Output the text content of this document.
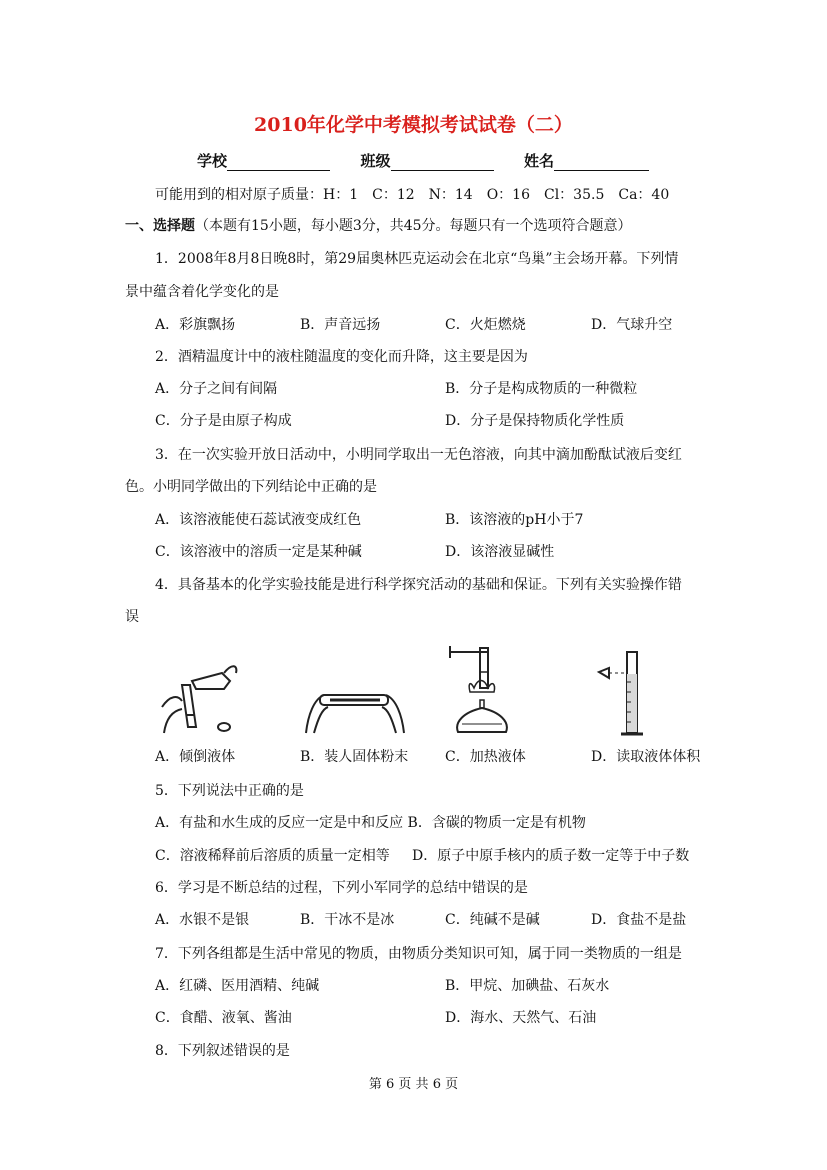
2010年化学中考模拟考试试卷（二）
学校	班级	姓名
可能用到的相对原子质量：H：1　C：12　N：14　O：16　Cl：35.5　Ca：40
一、选择题（本题有15小题，每小题3分，共45分。每题只有一个选项符合题意）
1．2008年8月8日晚8时，第29届奥林匹克运动会在北京“鸟巢”主会场开幕。下列情
景中蕴含着化学变化的是
A．彩旗飘扬	B．声音远扬	C．火炬燃烧	D．气球升空
2．酒精温度计中的液柱随温度的变化而升降，这主要是因为
A．分子之间有间隔	B．分子是构成物质的一种微粒
C．分子是由原子构成	D．分子是保持物质化学性质
3．在一次实验开放日活动中，小明同学取出一无色溶液，向其中滴加酚酞试液后变红
色。小明同学做出的下列结论中正确的是
A．该溶液能使石蕊试液变成红色	B．该溶液的pH小于7
C．该溶液中的溶质一定是某种碱	D．该溶液显碱性
4．具备基本的化学实验技能是进行科学探究活动的基础和保证。下列有关实验操作错
误
A．倾倒液体	B．装人固体粉末	C．加热液体	D．读取液体体积
5．下列说法中正确的是
A．有盐和水生成的反应一定是中和反应 B．含碳的物质一定是有机物
C．溶液稀释前后溶质的质量一定相等 D．原子中原手核内的质子数一定等于中子数
6．学习是不断总结的过程，下列小军同学的总结中错误的是
A．水银不是银	B．干冰不是冰	C．纯碱不是碱	D．食盐不是盐
7．下列各组都是生活中常见的物质，由物质分类知识可知，属于同一类物质的一组是
A．红磷、医用酒精、纯碱	B．甲烷、加碘盐、石灰水
C．食醋、液氧、酱油	D．海水、天然气、石油
8．下列叙述错误的是
第 6 页 共 6 页
